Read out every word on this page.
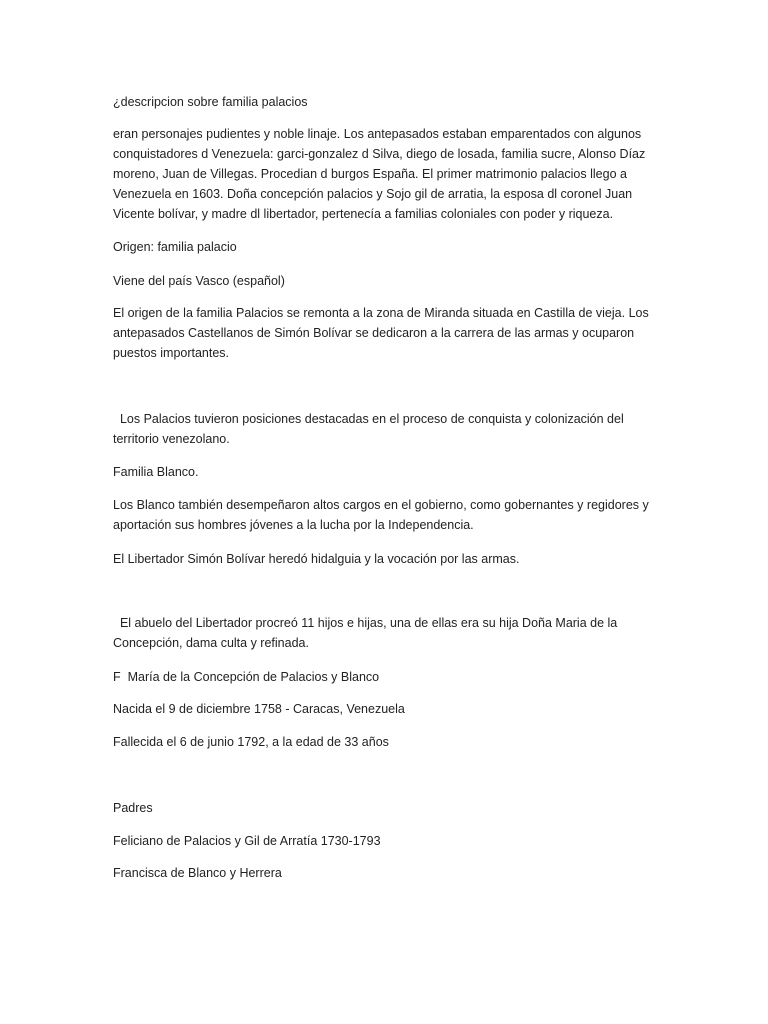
¿descripcion sobre familia palacios

eran personajes pudientes y noble linaje. Los antepasados estaban emparentados con algunos
conquistadores d Venezuela: garci-gonzalez d Silva, diego de losada, familia sucre, Alonso Díaz
moreno, Juan de Villegas. Procedian d burgos España. El primer matrimonio palacios llego a
Venezuela en 1603. Doña concepción palacios y Sojo gil de arratia, la esposa dl coronel Juan
Vicente bolívar, y madre dl libertador, pertenecía a familias coloniales con poder y riqueza.

Origen: familia palacio

Viene del país Vasco (español)

El origen de la familia Palacios se remonta a la zona de Miranda situada en Castilla de vieja. Los
antepasados Castellanos de Simón Bolívar se dedicaron a la carrera de las armas y ocuparon
puestos importantes.

Los Palacios tuvieron posiciones destacadas en el proceso de conquista y colonización del
territorio venezolano.

Familia Blanco.

Los Blanco también desempeñaron altos cargos en el gobierno, como gobernantes y regidores y
aportación sus hombres jóvenes a la lucha por la Independencia.

El Libertador Simón Bolívar heredó hidalguia y la vocación por las armas.

El abuelo del Libertador procreó 11 hijos e hijas, una de ellas era su hija Doña Maria de la
Concepción, dama culta y refinada.

F  María de la Concepción de Palacios y Blanco

Nacida el 9 de diciembre 1758 - Caracas, Venezuela

Fallecida el 6 de junio 1792, a la edad de 33 años

Padres

Feliciano de Palacios y Gil de Arratía 1730-1793

Francisca de Blanco y Herrera
